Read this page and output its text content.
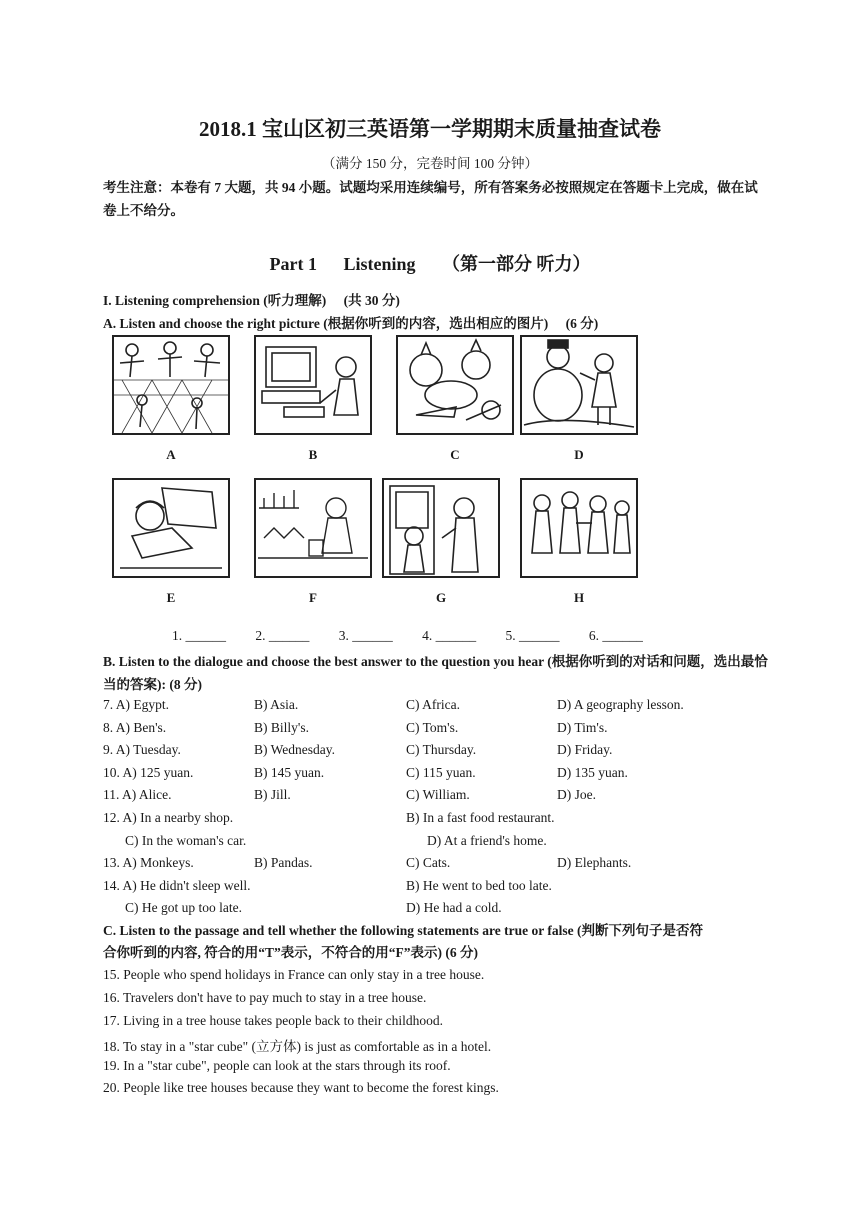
2018.1 宝山区初三英语第一学期期末质量抽查试卷
（满分 150 分，完卷时间 100 分钟）
考生注意：本卷有 7 大题，共 94 小题。试题均采用连续编号，所有答案务必按照规定在答题卡上完成，做在试卷上不给分。
Part 1 Listening （第一部分 听力）
I. Listening comprehension (听力理解) (共 30 分)
A. Listen and choose the right picture (根据你听到的内容，选出相应的图片) (6 分)
A	B	C	D
E	F	G	H
1. ______ 2. ______ 3. ______ 4. ______ 5. ______ 6. ______
B. Listen to the dialogue and choose the best answer to the question you hear (根据你听到的对话和问题，选出最恰当的答案): (8 分)
7. A) Egypt.	B) Asia.	C) Africa.	D) A geography lesson.
8. A) Ben's.	B) Billy's.	C) Tom's.	D) Tim's.
9. A) Tuesday.	B) Wednesday.	C) Thursday.	D) Friday.
10. A) 125 yuan.	B) 145 yuan.	C) 115 yuan.	D) 135 yuan.
11. A) Alice.	B) Jill.	C) William.	D) Joe.
12. A) In a nearby shop.	B) In a fast food restaurant.
C) In the woman's car.	D) At a friend's home.
13. A) Monkeys.	B) Pandas.	C) Cats.	D) Elephants.
14. A) He didn't sleep well.	B) He went to bed too late.
C) He got up too late.	D) He had a cold.
C. Listen to the passage and tell whether the following statements are true or false (判断下列句子是否符合你听到的内容, 符合的用“T”表示，不符合的用“F”表示) (6 分)
15. People who spend holidays in France can only stay in a tree house.
16. Travelers don't have to pay much to stay in a tree house.
17. Living in a tree house takes people back to their childhood.
18. To stay in a "star cube" (立方体) is just as comfortable as in a hotel.
19. In a "star cube", people can look at the stars through its roof.
20. People like tree houses because they want to become the forest kings.
